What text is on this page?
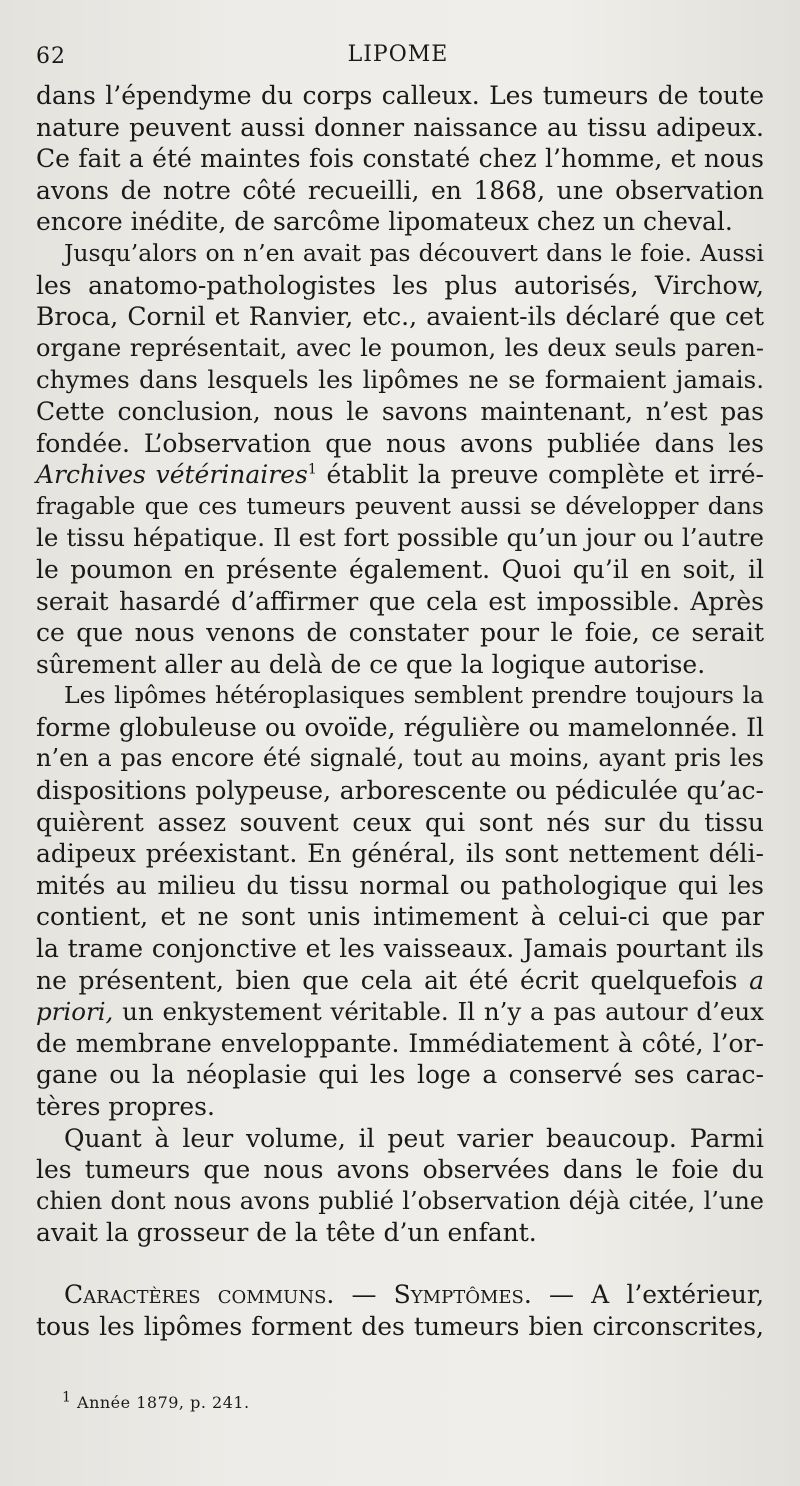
62	LIPOME
dans l’épendyme du corps calleux. Les tumeurs de toute
nature peuvent aussi donner naissance au tissu adipeux.
Ce fait a été maintes fois constaté chez l’homme, et nous
avons de notre côté recueilli, en 1868, une observation
encore inédite, de sarcôme lipomateux chez un cheval.
Jusqu’alors on n’en avait pas découvert dans le foie. Aussi
les anatomo-pathologistes les plus autorisés, Virchow,
Broca, Cornil et Ranvier, etc., avaient-ils déclaré que cet
organe représentait, avec le poumon, les deux seuls paren-
chymes dans lesquels les lipômes ne se formaient jamais.
Cette conclusion, nous le savons maintenant, n’est pas
fondée. L’observation que nous avons publiée dans les
Archives vétérinaires$^1$ établit la preuve complète et irré-
fragable que ces tumeurs peuvent aussi se développer dans
le tissu hépatique. Il est fort possible qu’un jour ou l’autre
le poumon en présente également. Quoi qu’il en soit, il
serait hasardé d’affirmer que cela est impossible. Après
ce que nous venons de constater pour le foie, ce serait
sûrement aller au delà de ce que la logique autorise.
Les lipômes hétéroplasiques semblent prendre toujours la
forme globuleuse ou ovoïde, régulière ou mamelonnée. Il
n’en a pas encore été signalé, tout au moins, ayant pris les
dispositions polypeuse, arborescente ou pédiculée qu’ac-
quièrent assez souvent ceux qui sont nés sur du tissu
adipeux préexistant. En général, ils sont nettement déli-
mités au milieu du tissu normal ou pathologique qui les
contient, et ne sont unis intimement à celui-ci que par
la trame conjonctive et les vaisseaux. Jamais pourtant ils
ne présentent, bien que cela ait été écrit quelquefois a
priori, un enkystement véritable. Il n’y a pas autour d’eux
de membrane enveloppante. Immédiatement à côté, l’or-
gane ou la néoplasie qui les loge a conservé ses carac-
tères propres.
Quant à leur volume, il peut varier beaucoup. Parmi
les tumeurs que nous avons observées dans le foie du
chien dont nous avons publié l’observation déjà citée, l’une
avait la grosseur de la tête d’un enfant.
Caractères communs. — Symptômes. — A l’extérieur,
tous les lipômes forment des tumeurs bien circonscrites,
$^1$ Année 1879, p. 241.
